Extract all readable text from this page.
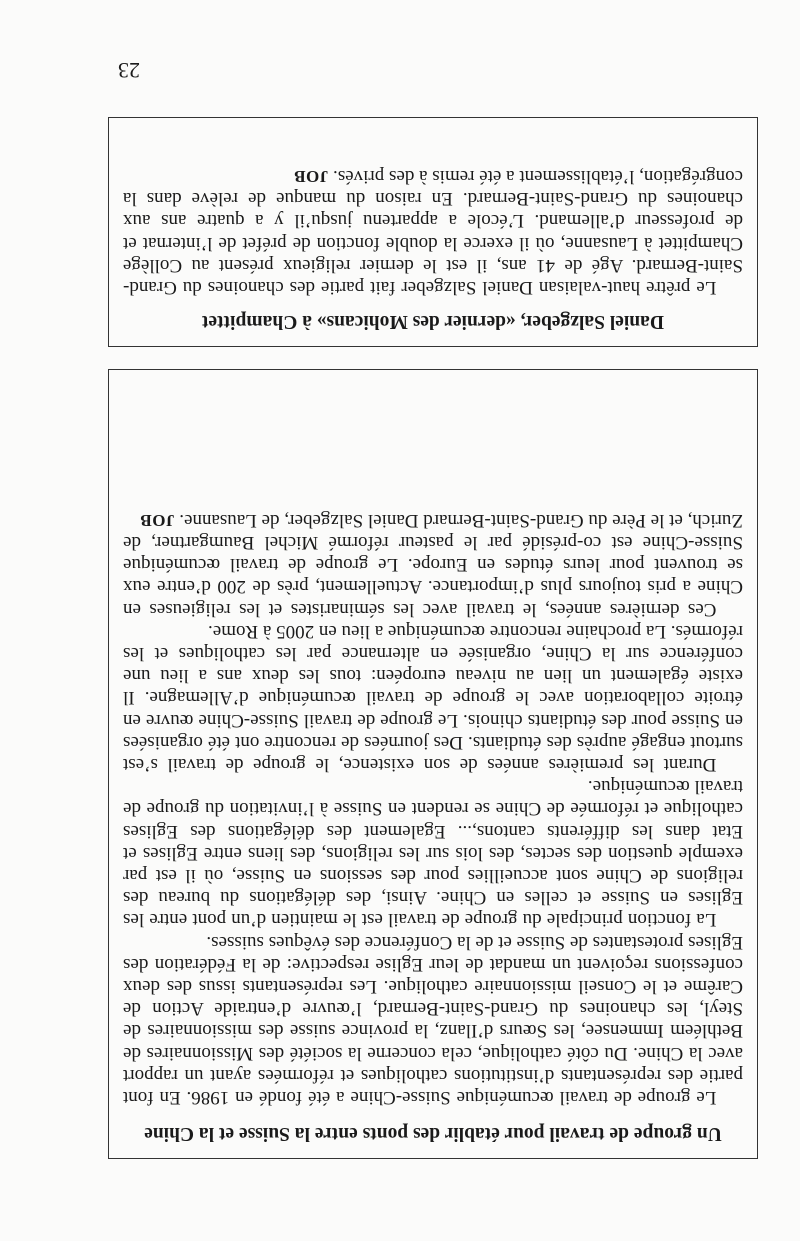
Un groupe de travail pour établir des ponts entre la Suisse et la Chine

Le groupe de travail œcuménique Suisse-Chine a été fondé en 1986. En font partie des représentants d’institutions catholiques et réformées ayant un rapport avec la Chine. Du côté catholique, cela concerne la société des Missionnaires de Bethléem Immensee, les Sœurs d’Ilanz, la province suisse des missionnaires de Steyl, les chanoines du Grand-Saint-Bernard, l’œuvre d’entraide Action de Carême et le Conseil missionnaire catholique. Les représentants issus des deux confessions reçoivent un mandat de leur Eglise respective: de la Fédération des Eglises protestantes de Suisse et de la Conférence des évêques suisses.

La fonction principale du groupe de travail est le maintien d’un pont entre les Eglises en Suisse et celles en Chine. Ainsi, des délégations du bureau des religions de Chine sont accueillies pour des sessions en Suisse, où il est par exemple question des sectes, des lois sur les religions, des liens entre Eglises et Etat dans les différents cantons,... Egalement des délégations des Eglises catholique et réformée de Chine se rendent en Suisse à l’invitation du groupe de travail œcuménique.

Durant les premières années de son existence, le groupe de travail s’est surtout engagé auprès des étudiants. Des journées de rencontre ont été organisées en Suisse pour des étudiants chinois. Le groupe de travail Suisse-Chine œuvre en étroite collaboration avec le groupe de travail œcuménique d’Allemagne. Il existe également un lien au niveau européen: tous les deux ans a lieu une conférence sur la Chine, organisée en alternance par les catholiques et les réformés. La prochaine rencontre œcuménique a lieu en 2005 à Rome.

Ces dernières années, le travail avec les séminaristes et les religieuses en Chine a pris toujours plus d’importance. Actuellement, près de 200 d’entre eux se trouvent pour leurs études en Europe. Le groupe de travail œcuménique Suisse-Chine est co-présidé par le pasteur réformé Michel Baumgartner, de Zurich, et le Père du Grand-Saint-Bernard Daniel Salzgeber, de Lausanne. JOB

Daniel Salzgeber, «dernier des Mohicans» à Champittet

Le prêtre haut-valaisan Daniel Salzgeber fait partie des chanoines du Grand-Saint-Bernard. Agé de 41 ans, il est le dernier religieux présent au Collège Champittet à Lausanne, où il exerce la double fonction de préfet de l’internat et de professeur d’allemand. L’école a appartenu jusqu’il y a quatre ans aux chanoines du Grand-Saint-Bernard. En raison du manque de relève dans la congrégation, l’établissement a été remis à des privés. JOB

23
